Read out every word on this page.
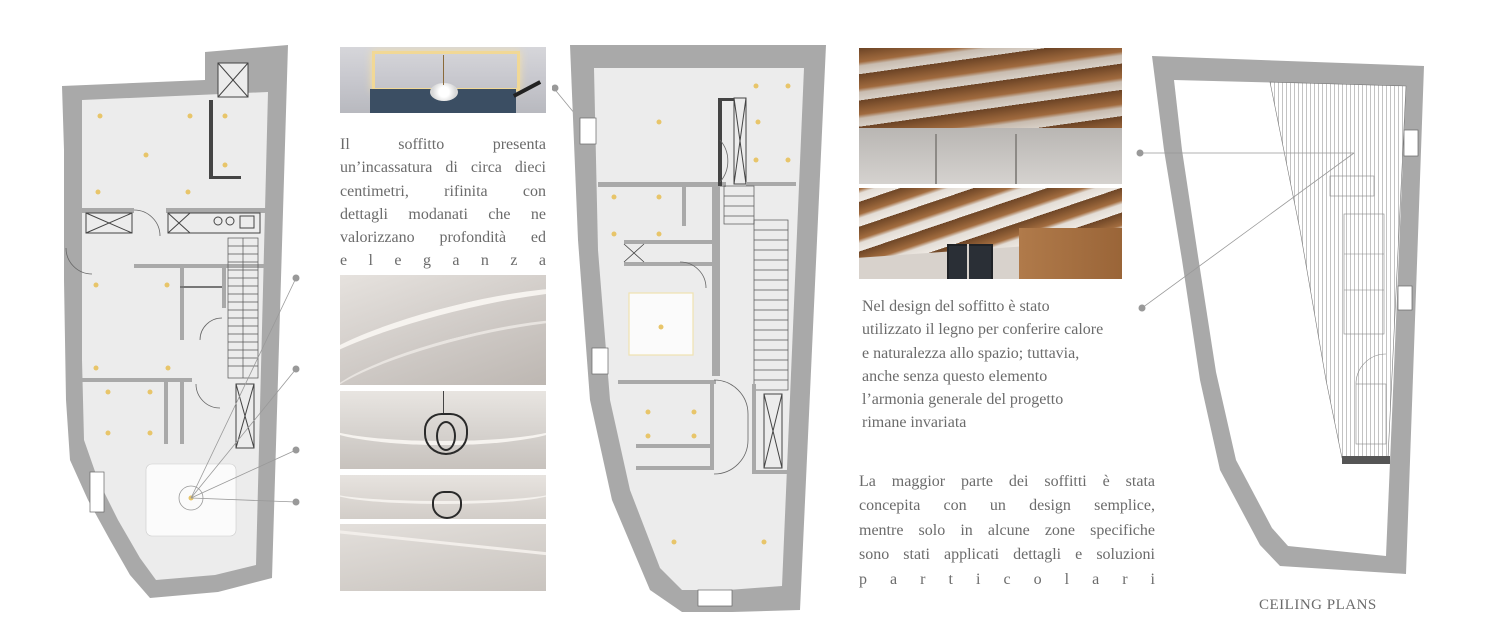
Il soffitto presenta
un’incassatura di circa dieci
centimetri, rifinita con
dettagli modanati che ne
valorizzano profondità ed
e l e g a n z a
Nel design del soffitto è stato
utilizzato il legno per conferire calore
e naturalezza allo spazio; tuttavia,
anche senza questo elemento
l’armonia generale del progetto
rimane invariata
La maggior parte dei soffitti è stata
concepita con un design semplice,
mentre solo in alcune zone specifiche
sono stati applicati dettagli e soluzioni
p a r t i c o l a r i
CEILING PLANS
